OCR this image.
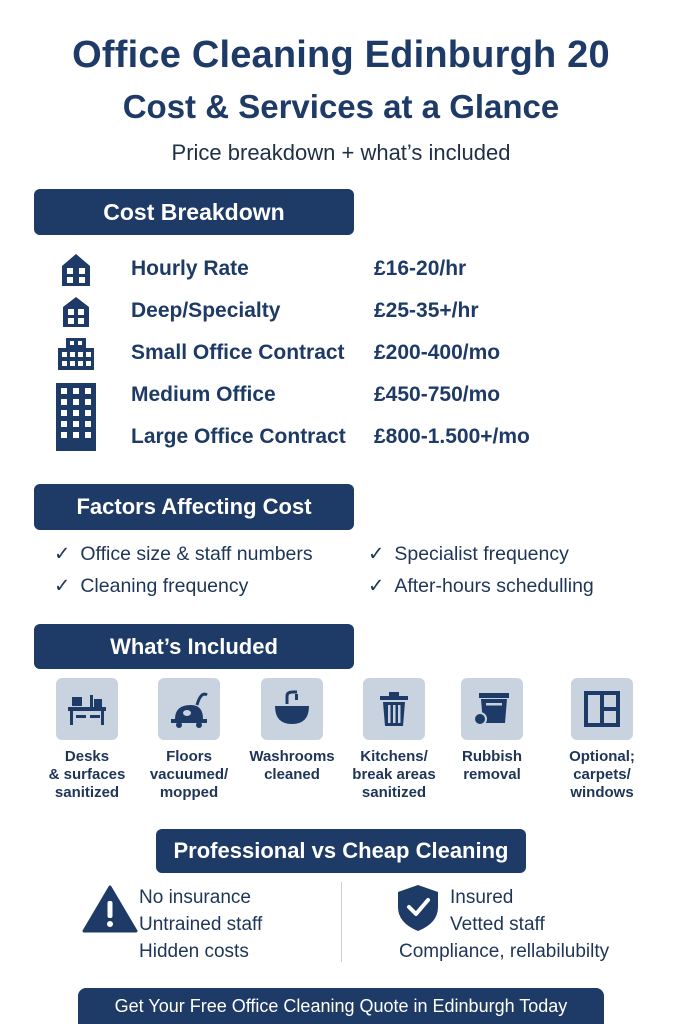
Office Cleaning Edinburgh 20
Cost & Services at a Glance
Price breakdown + what’s included
Cost Breakdown
Hourly Rate	£16-20/hr
Deep/Specialty	£25-35+/hr
Small Office Contract £200-400/mo
Medium Office	£450-750/mo
Large Office Contract £800-1.500+/mo
Factors Affecting Cost
✓ Office size & staff numbers	✓ Specialist frequency
✓ Cleaning frequency	✓ After-hours schedulling
What’s Included
Desks
& surfaces
sanitized
Floors
vacuumed/
mopped
Washrooms
cleaned
Kitchens/
break areas
sanitized
Rubbish
removal
Optional;
carpets/
windows
Professional vs Cheap Cleaning
No insurance
Untrained staff
Hidden costs
Insured
Vetted staff
Compliance, rellabilubilty
Get Your Free Office Cleaning Quote in Edinburgh Today
